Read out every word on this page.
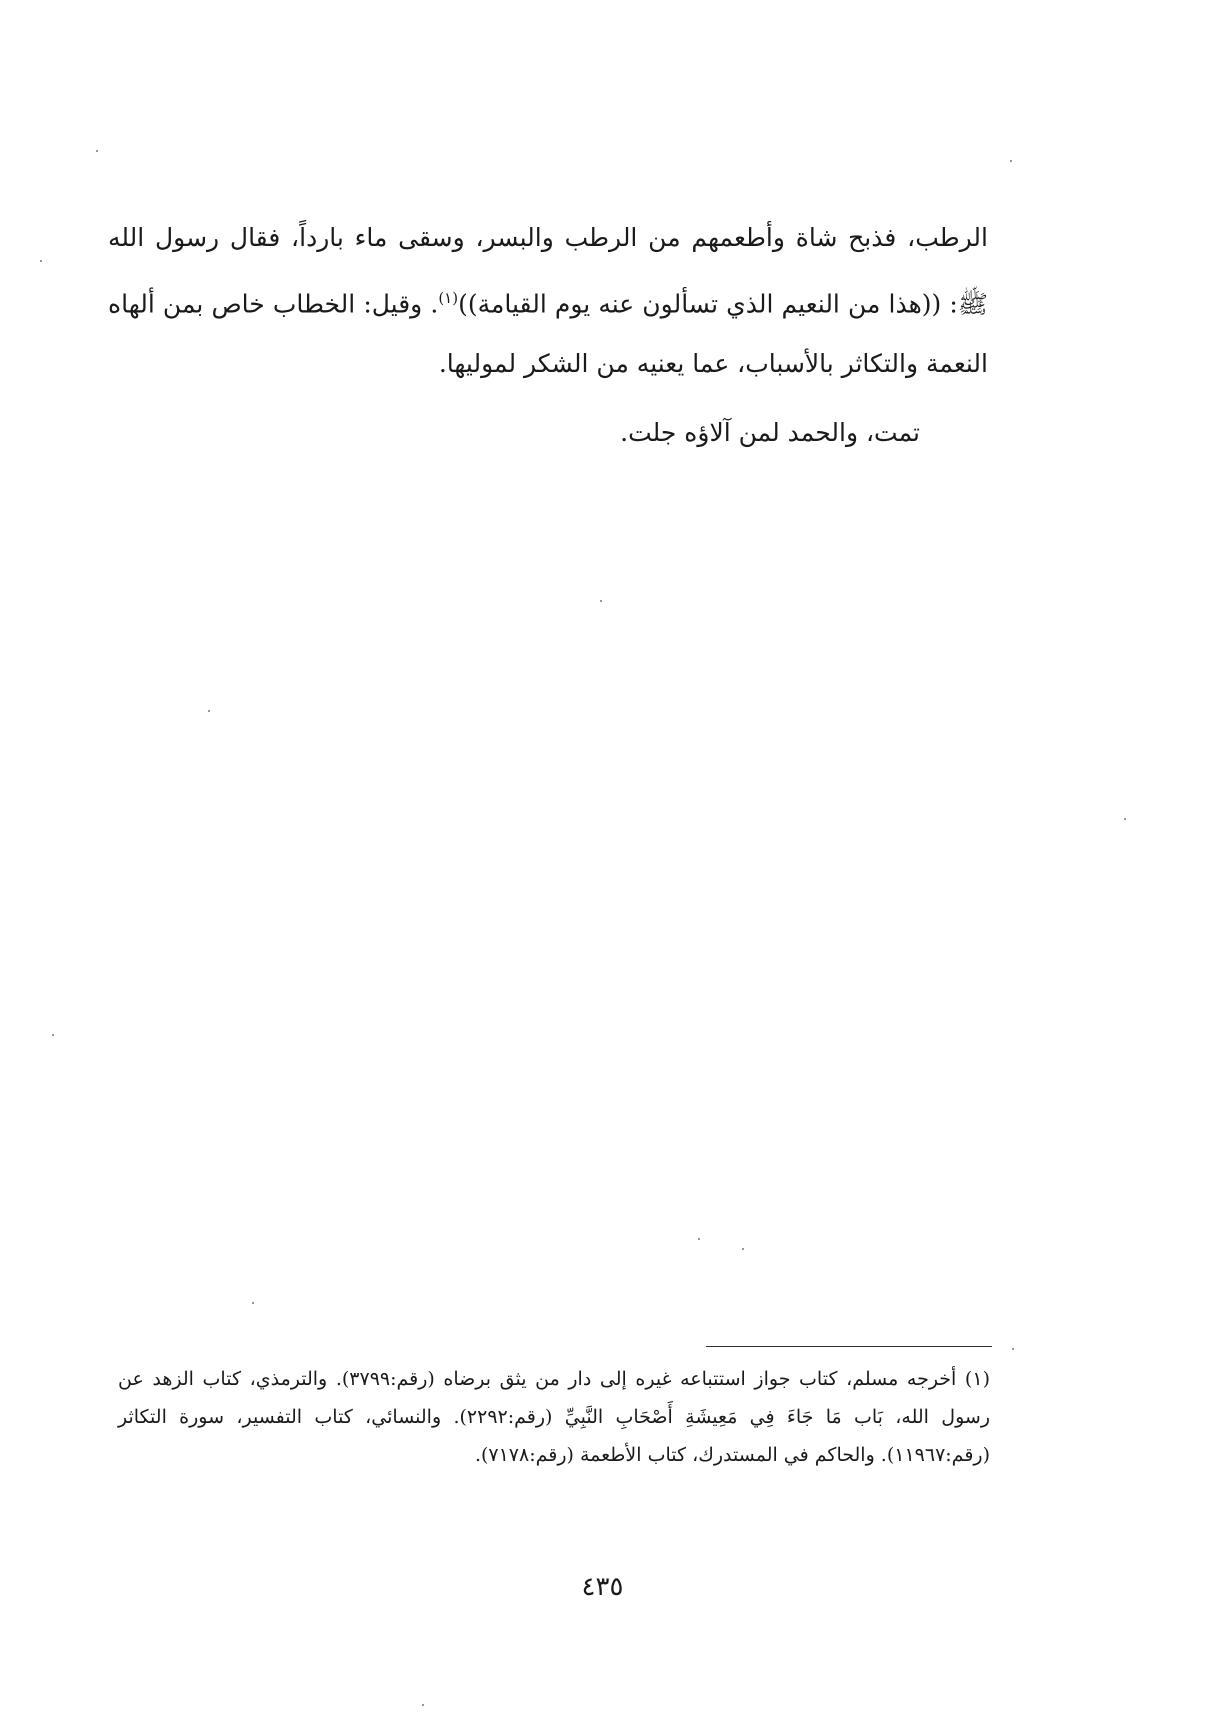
الرطب، فذبح شاة وأطعمهم من الرطب والبسر، وسقى ماء بارداً، فقال رسول الله ﷺ: ((هذا من النعيم الذي تسألون عنه يوم القيامة))$^{(١)}$. وقيل: الخطاب خاص بمن ألهاه النعمة والتكاثر بالأسباب، عما يعنيه من الشكر لموليها.

تمت، والحمد لمن آلاؤه جلت.

(١) أخرجه مسلم، كتاب جواز استتباعه غيره إلى دار من يثق برضاه (رقم:٣٧٩٩). والترمذي، كتاب الزهد عن رسول الله، بَاب مَا جَاءَ فِي مَعِيشَةِ أَصْحَابِ النَّبِيِّ (رقم:٢٢٩٢). والنسائي، كتاب التفسير، سورة التكاثر (رقم:١١٩٦٧). والحاكم في المستدرك، كتاب الأطعمة (رقم:٧١٧٨).

٤٣٥
